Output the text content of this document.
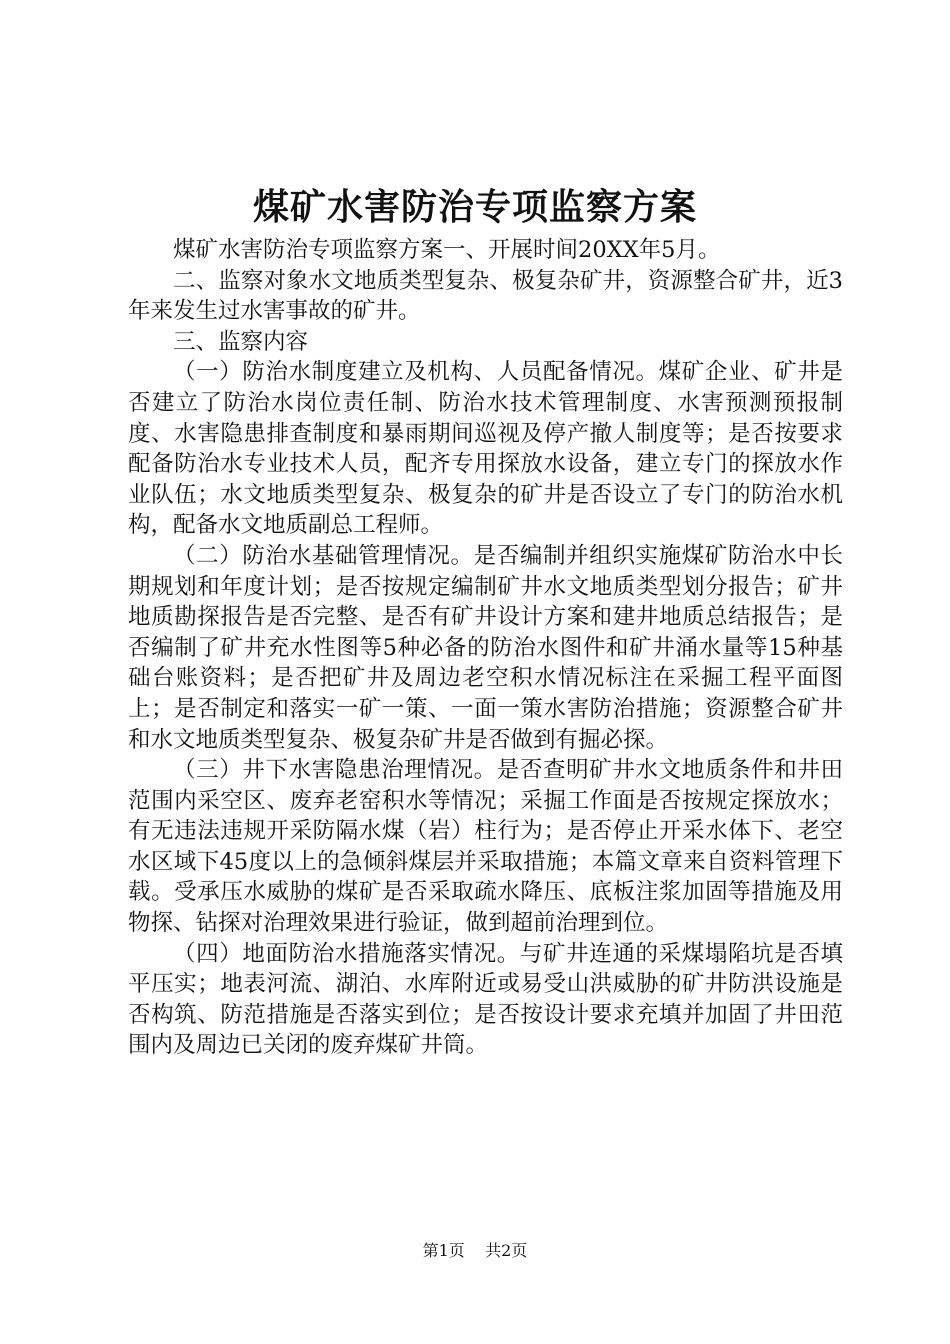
煤矿水害防治专项监察方案

煤矿水害防治专项监察方案一、开展时间20XX年5月。

二、监察对象水文地质类型复杂、极复杂矿井，资源整合矿井，近3年来发生过水害事故的矿井。

三、监察内容

（一）防治水制度建立及机构、人员配备情况。煤矿企业、矿井是否建立了防治水岗位责任制、防治水技术管理制度、水害预测预报制度、水害隐患排查制度和暴雨期间巡视及停产撤人制度等；是否按要求配备防治水专业技术人员，配齐专用探放水设备，建立专门的探放水作业队伍；水文地质类型复杂、极复杂的矿井是否设立了专门的防治水机构，配备水文地质副总工程师。

（二）防治水基础管理情况。是否编制并组织实施煤矿防治水中长期规划和年度计划；是否按规定编制矿井水文地质类型划分报告；矿井地质勘探报告是否完整、是否有矿井设计方案和建井地质总结报告；是否编制了矿井充水性图等5种必备的防治水图件和矿井涌水量等15种基础台账资料；是否把矿井及周边老空积水情况标注在采掘工程平面图上；是否制定和落实一矿一策、一面一策水害防治措施；资源整合矿井和水文地质类型复杂、极复杂矿井是否做到有掘必探。

（三）井下水害隐患治理情况。是否查明矿井水文地质条件和井田范围内采空区、废弃老窑积水等情况；采掘工作面是否按规定探放水；有无违法违规开采防隔水煤（岩）柱行为；是否停止开采水体下、老空水区域下45度以上的急倾斜煤层并采取措施；本篇文章来自资料管理下载。受承压水威胁的煤矿是否采取疏水降压、底板注浆加固等措施及用物探、钻探对治理效果进行验证，做到超前治理到位。

（四）地面防治水措施落实情况。与矿井连通的采煤塌陷坑是否填平压实；地表河流、湖泊、水库附近或易受山洪威胁的矿井防洪设施是否构筑、防范措施是否落实到位；是否按设计要求充填并加固了井田范围内及周边已关闭的废弃煤矿井筒。

第1页 共2页
